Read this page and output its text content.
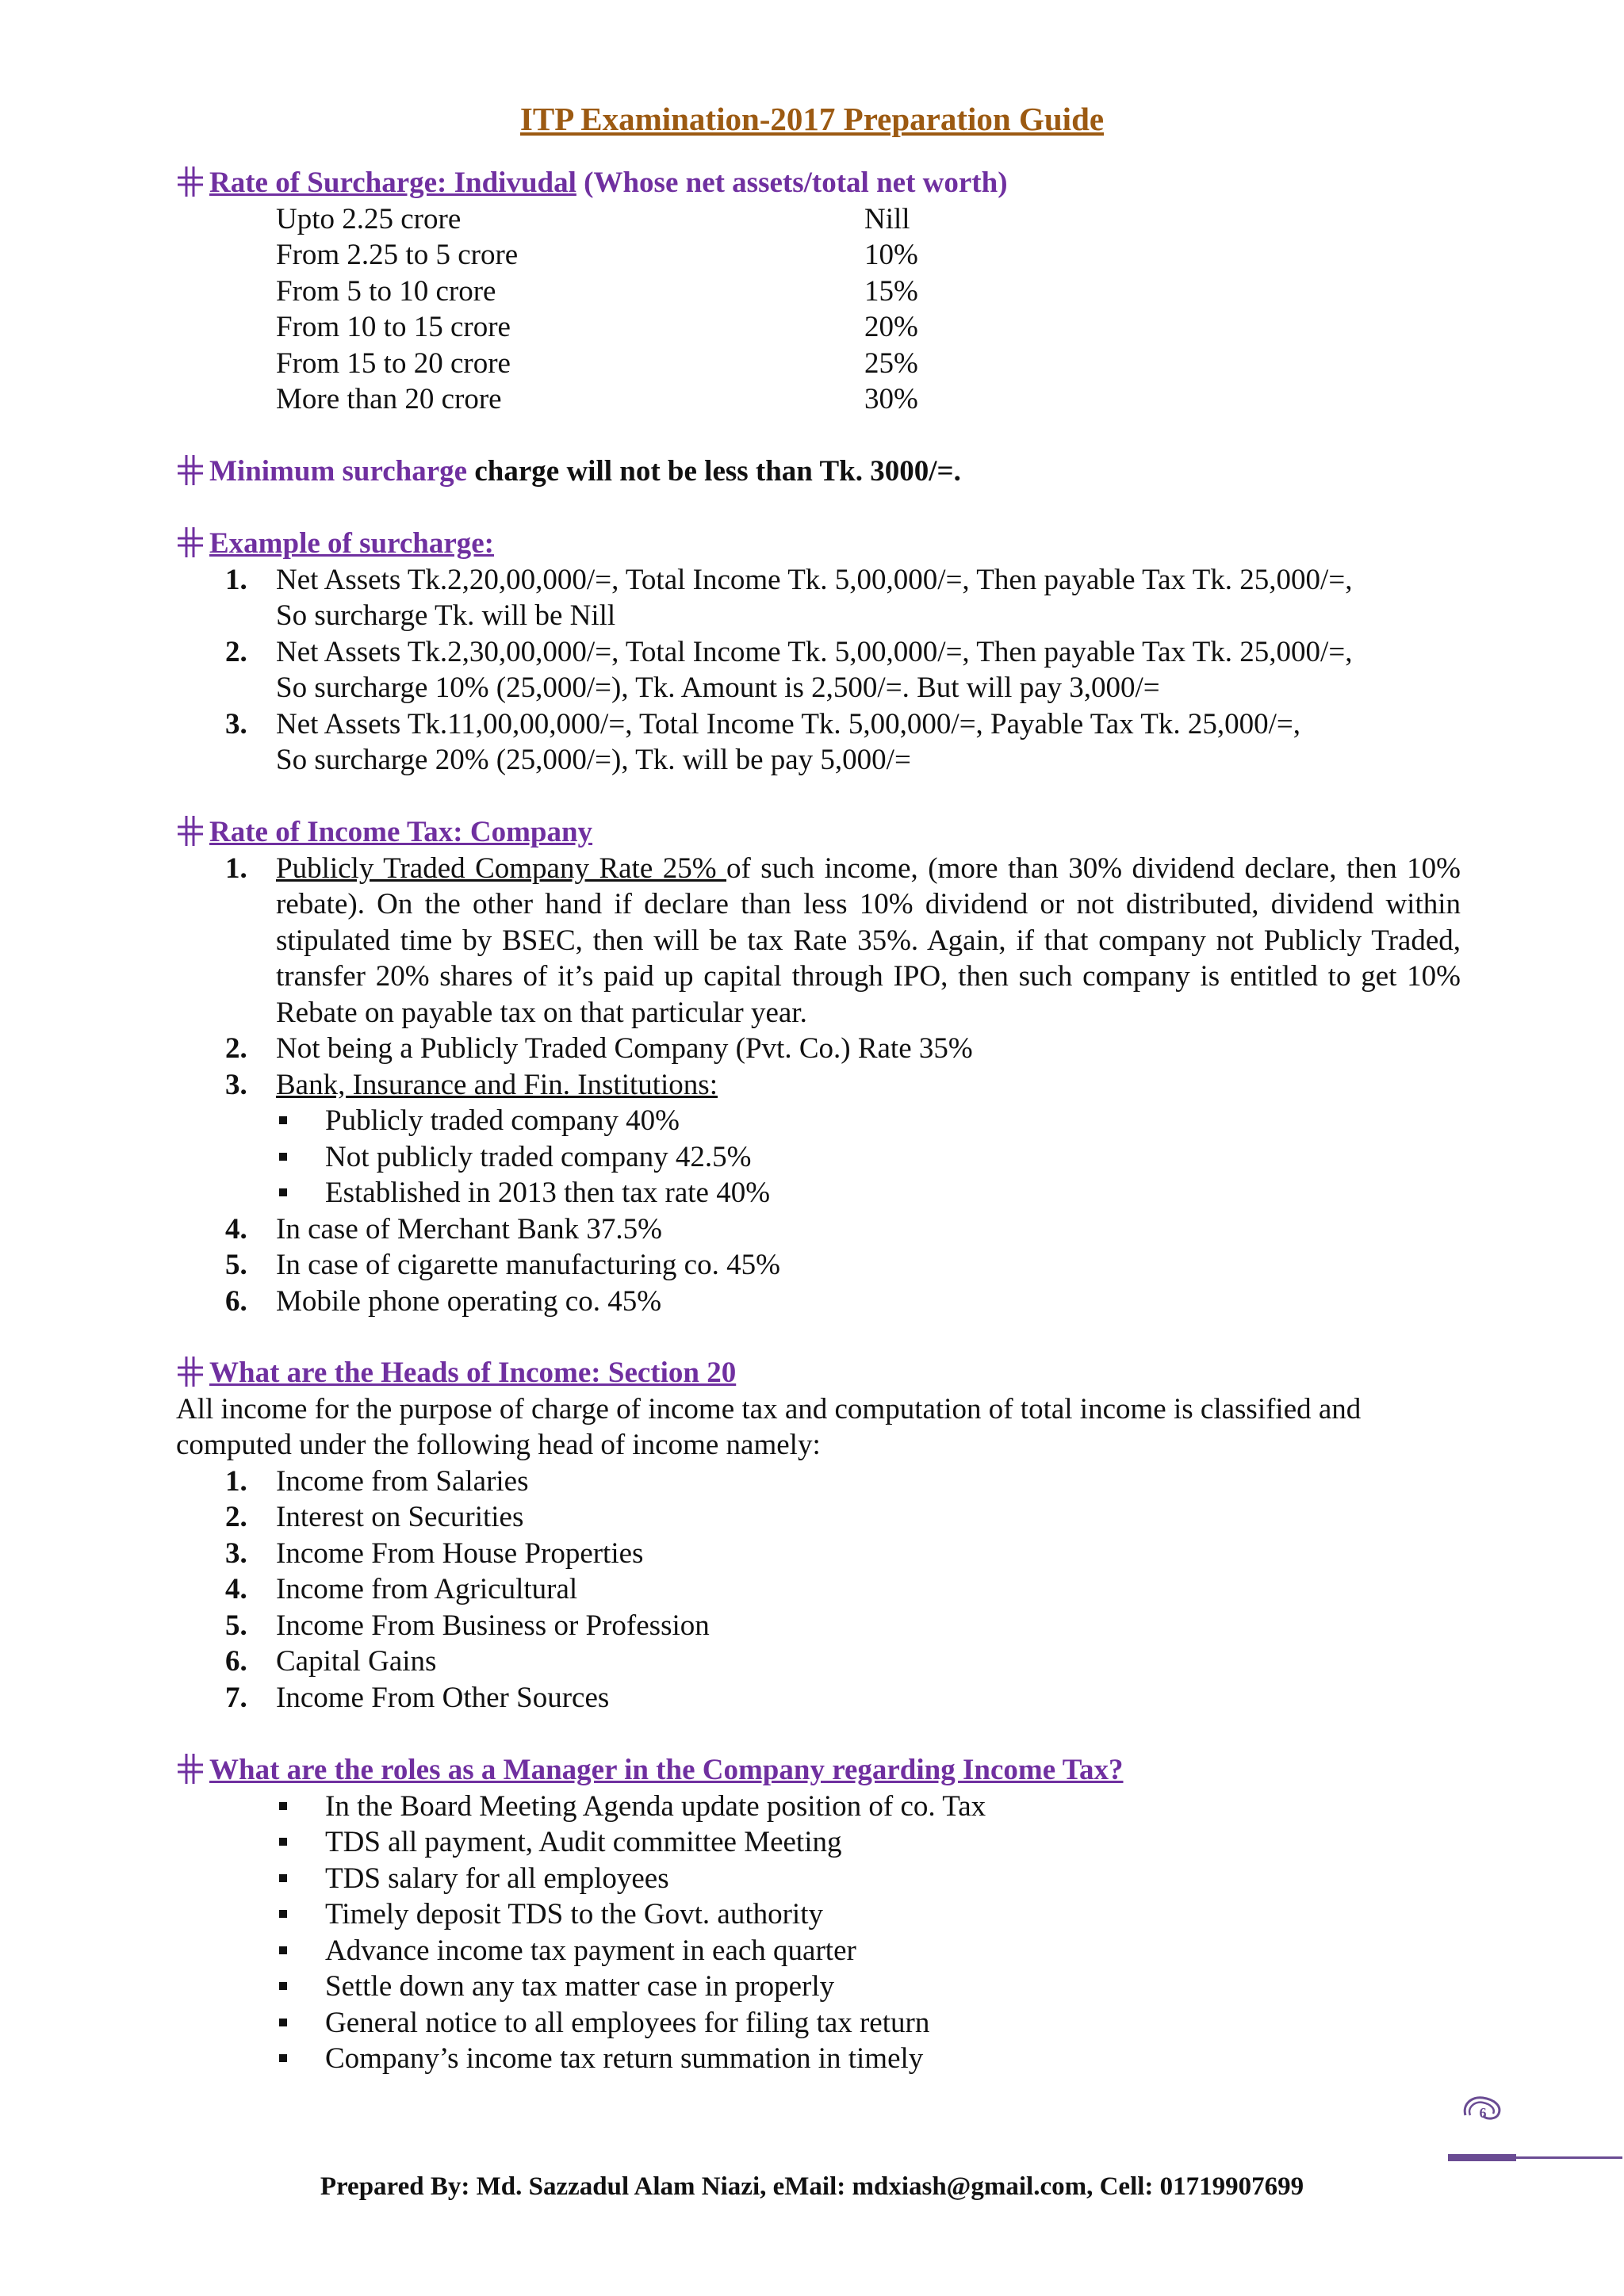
ITP Examination-2017 Preparation Guide
Rate of Surcharge: Indivudal (Whose net assets/total net worth)
Upto 2.25 crore	Nill
From 2.25 to 5 crore	10%
From 5 to 10 crore	15%
From 10 to 15 crore	20%
From 15 to 20 crore	25%
More than 20 crore	30%
Minimum surcharge charge will not be less than Tk. 3000/=.
Example of surcharge:
1. Net Assets Tk.2,20,00,000/=, Total Income Tk. 5,00,000/=, Then payable Tax Tk. 25,000/=,
So surcharge Tk. will be Nill
2. Net Assets Tk.2,30,00,000/=, Total Income Tk. 5,00,000/=, Then payable Tax Tk. 25,000/=,
So surcharge 10% (25,000/=), Tk. Amount is 2,500/=. But will pay 3,000/=
3. Net Assets Tk.11,00,00,000/=, Total Income Tk. 5,00,000/=, Payable Tax Tk. 25,000/=,
So surcharge 20% (25,000/=), Tk. will be pay 5,000/=
Rate of Income Tax: Company
1. Publicly Traded Company Rate 25% of such income, (more than 30% dividend declare, then 10% rebate). On the other hand if declare than less 10% dividend or not distributed, dividend within stipulated time by BSEC, then will be tax Rate 35%. Again, if that company not Publicly Traded, transfer 20% shares of it’s paid up capital through IPO, then such company is entitled to get 10% Rebate on payable tax on that particular year.
2. Not being a Publicly Traded Company (Pvt. Co.) Rate 35%
3. Bank, Insurance and Fin. Institutions:
Publicly traded company 40%
Not publicly traded company 42.5%
Established in 2013 then tax rate 40%
4. In case of Merchant Bank 37.5%
5. In case of cigarette manufacturing co. 45%
6. Mobile phone operating co. 45%
What are the Heads of Income: Section 20
All income for the purpose of charge of income tax and computation of total income is classified and computed under the following head of income namely:
1. Income from Salaries
2. Interest on Securities
3. Income From House Properties
4. Income from Agricultural
5. Income From Business or Profession
6. Capital Gains
7. Income From Other Sources
What are the roles as a Manager in the Company regarding Income Tax?
In the Board Meeting Agenda update position of co. Tax
TDS all payment, Audit committee Meeting
TDS salary for all employees
Timely deposit TDS to the Govt. authority
Advance income tax payment in each quarter
Settle down any tax matter case in properly
General notice to all employees for filing tax return
Company’s income tax return summation in timely
6
Prepared By: Md. Sazzadul Alam Niazi, eMail: mdxiash@gmail.com, Cell: 01719907699
